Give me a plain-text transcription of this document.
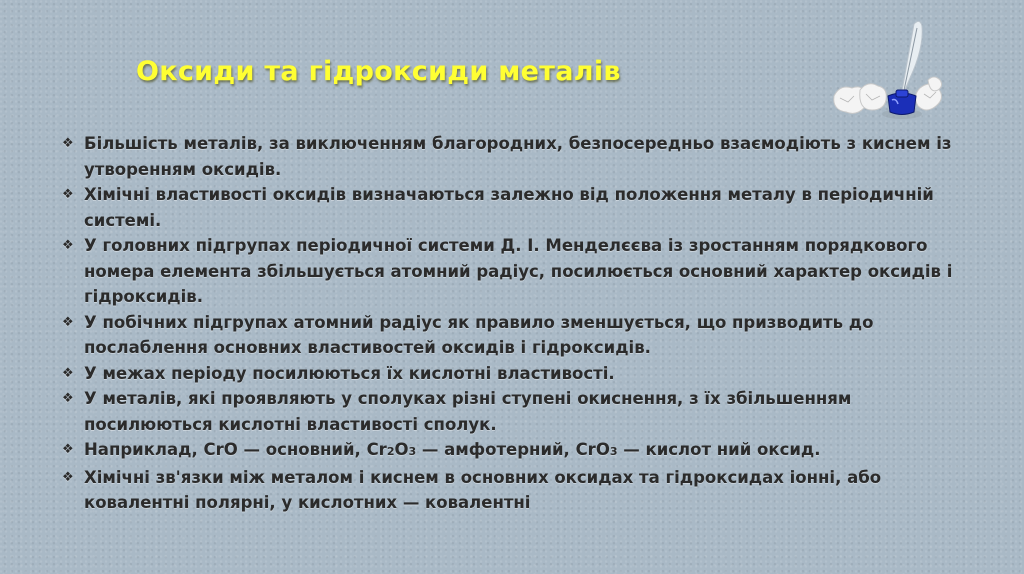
Оксиди та гідроксиди металів
❖ Більшість металів, за виключенням благородних, безпосередньо взаємодіють з киснем із утворенням оксидів.
❖ Хімічні властивості оксидів визначаються залежно від положення металу в періодичній системі.
❖ У головних підгрупах періодичної системи Д. І. Менделєєва із зростанням порядкового номера елемента збільшується атомний радіус, посилюється основний характер оксидів і гідроксидів.
❖ У побічних підгрупах атомний радіус як правило зменшується, що призводить до послаблення основних властивостей оксидів і гідроксидів.
❖ У межах періоду посилюються їх кислотні властивості.
❖ У металів, які проявляють у сполуках різні ступені окиснення, з їх збільшенням посилюються кислотні властивості сполук.
❖ Наприклад, CrO — основний, Cr2O3 — амфотерний, CrO3 — кислот ний оксид.
❖ Хімічні зв'язки між металом і киснем в основних оксидах та гідроксидах іонні, або ковалентні полярні, у кислотних — ковалентні
